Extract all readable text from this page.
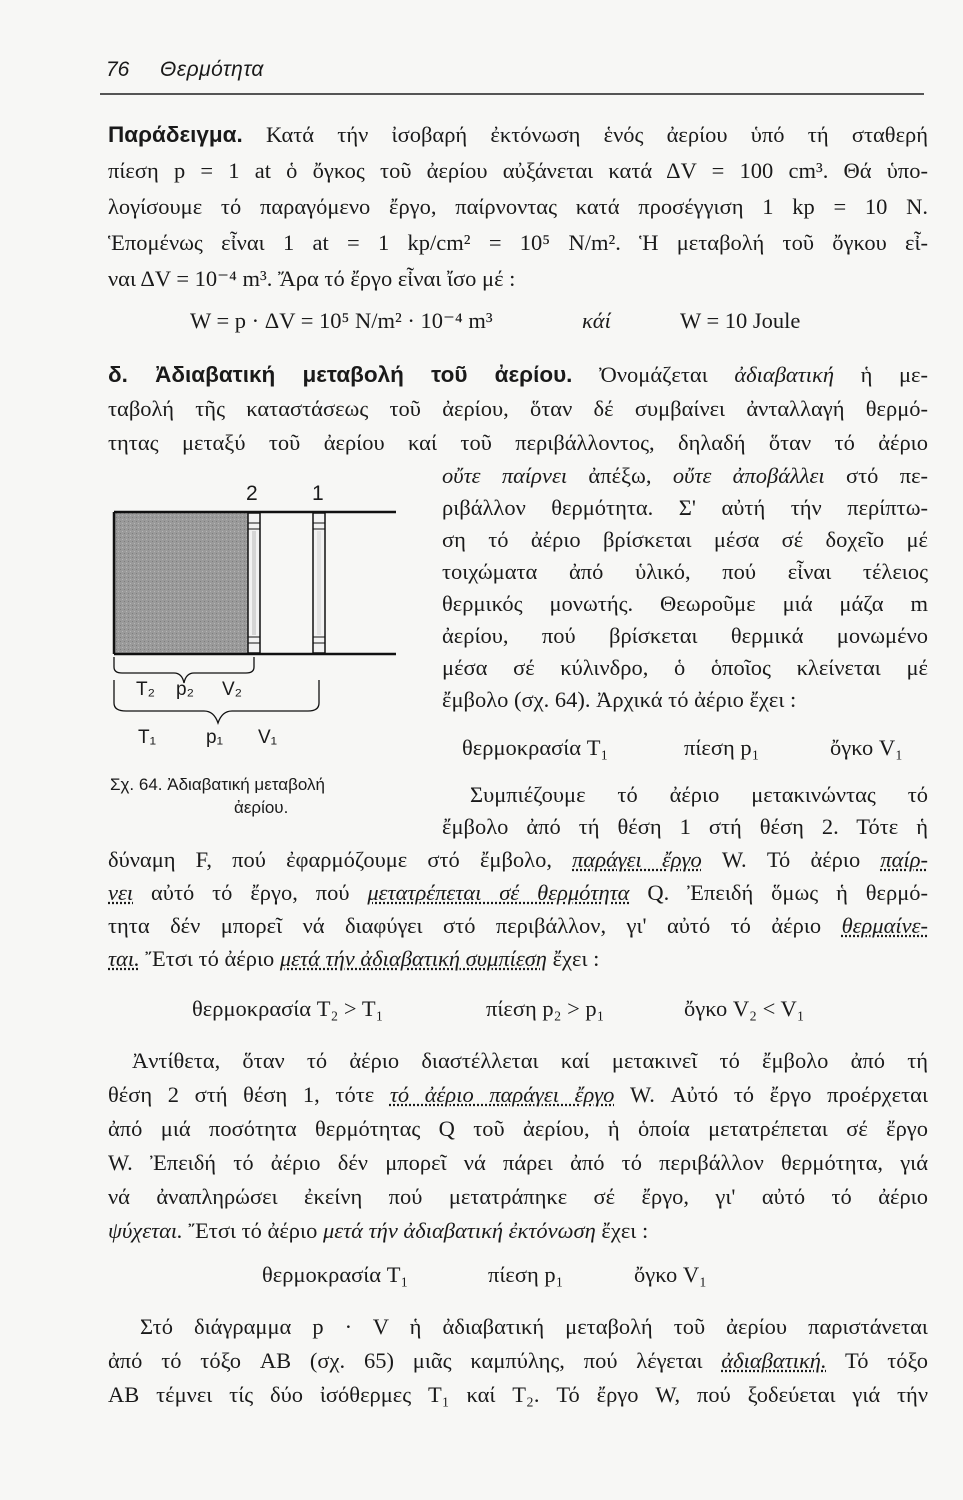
76 Θερμότητα
Παράδειγμα. Κατά τήν ἰσοβαρή ἐκτόνωση ἑνός ἀερίου ὑπό τή σταθερή
πίεση p = 1 at ὁ ὄγκος τοῦ ἀερίου αὐξάνεται κατά ΔV = 100 cm³. Θά ὑπο-
λογίσουμε τό παραγόμενο ἔργο, παίρνοντας κατά προσέγγιση 1 kp = 10 N.
Ἑπομένως εἶναι 1 at = 1 kp/cm² = 10⁵ N/m². Ἡ μεταβολή τοῦ ὄγκου εἶ-
ναι ΔV = 10⁻⁴ m³. Ἄρα τό ἔργο εἶναι ἴσο μέ :
W = p · ΔV = 10⁵ N/m² · 10⁻⁴ m³	κάί	W = 10 Joule
δ. Ἀδιαβατική μεταβολή τοῦ ἀερίου. Ὀνομάζεται ἀδιαβατική ἡ με-
ταβολή τῆς καταστάσεως τοῦ ἀερίου, ὅταν δέ συμβαίνει ἀνταλλαγή θερμό-
τητας μεταξύ τοῦ ἀερίου καί τοῦ περιβάλλοντος, δηλαδή ὅταν τό ἀέριο
οὔτε παίρνει ἀπέξω, οὔτε ἀποβάλλει στό πε-
ριβάλλον θερμότητα. Σ' αὐτή τήν περίπτω-
ση τό ἀέριο βρίσκεται μέσα σέ δοχεῖο μέ
τοιχώματα ἀπό ὑλικό, πού εἶναι τέλειος
θερμικός μονωτής. Θεωροῦμε μιά μάζα m
ἀερίου, πού βρίσκεται θερμικά μονωμένο
μέσα σέ κύλινδρο, ὁ ὁποῖος κλείνεται μέ
ἔμβολο (σχ. 64). Ἀρχικά τό ἀέριο ἔχει :
θερμοκρασία T₁	πίεση p₁	ὄγκο V₁
Συμπιέζουμε τό ἀέριο μετακινώντας τό
ἔμβολο ἀπό τή θέση 1 στή θέση 2. Τότε ἡ
δύναμη F, πού ἐφαρμόζουμε στό ἔμβολο, παράγει ἔργο W. Τό ἀέριο παίρ-
νει αὐτό τό ἔργο, πού μετατρέπεται σέ θερμότητα Q. Ἐπειδή ὅμως ἡ θερμό-
τητα δέν μπορεῖ νά διαφύγει στό περιβάλλον, γι' αὐτό τό ἀέριο θερμαίνε-
ται. Ἔτσι τό ἀέριο μετά τήν ἀδιαβατική συμπίεση ἔχει :
θερμοκρασία T₂ > T₁	πίεση p₂ > p₁	ὄγκο V₂ < V₁
Ἀντίθετα, ὅταν τό ἀέριο διαστέλλεται καί μετακινεῖ τό ἔμβολο ἀπό τή
θέση 2 στή θέση 1, τότε τό ἀέριο παράγει ἔργο W. Αὐτό τό ἔργο προέρχεται
ἀπό μιά ποσότητα θερμότητας Q τοῦ ἀερίου, ἡ ὁποία μετατρέπεται σέ ἔργο
W. Ἐπειδή τό ἀέριο δέν μπορεῖ νά πάρει ἀπό τό περιβάλλον θερμότητα, γιά
νά ἀναπληρώσει ἐκείνη πού μετατράπηκε σέ ἔργο, γι' αὐτό τό ἀέριο
ψύχεται. Ἔτσι τό ἀέριο μετά τήν ἀδιαβατική ἐκτόνωση ἔχει :
θερμοκρασία T₁	πίεση p₁	ὄγκο V₁
Στό διάγραμμα p · V ἡ ἀδιαβατική μεταβολή τοῦ ἀερίου παριστάνεται
ἀπό τό τόξο AB (σχ. 65) μιᾶς καμπύλης, πού λέγεται ἀδιαβατική. Τό τόξο
AB τέμνει τίς δύο ἰσόθερμες T₁ καί T₂. Τό ἔργο W, πού ξοδεύεται γιά τήν
2	1
T₂ p₂ V₂
T₁	p₁ V₁
Σχ. 64. Ἀδιαβατική μεταβολή
ἀερίου.
